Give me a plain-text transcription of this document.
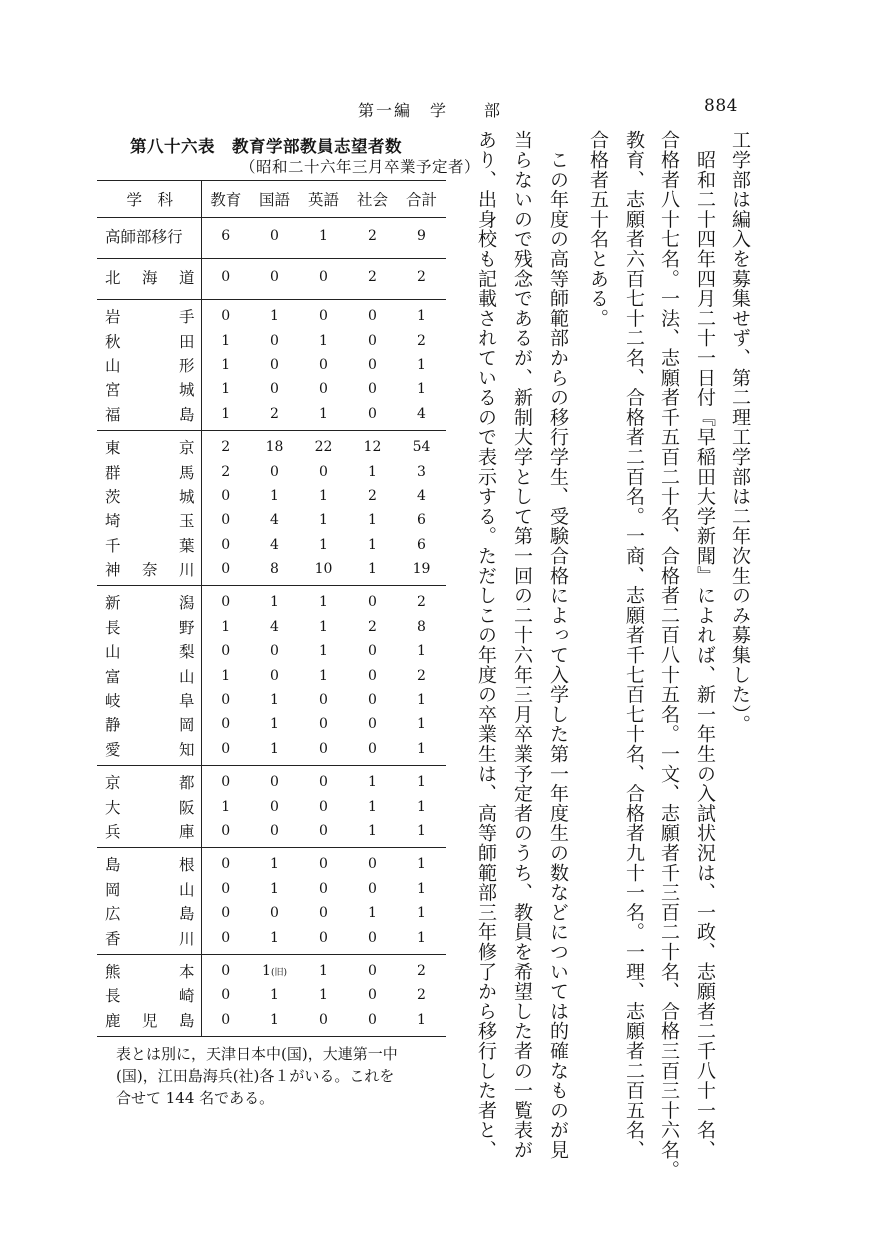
第一編　学　　部	884
第八十六表　教育学部教員志望者数
（昭和二十六年三月卒業予定者）
学　科	教育	国語	英語	社会	合計

高 師 部 移 行	6	0	1	2	9

北 海 道	0	0	0	2	2

岩 手	0	1	0	0	1

秋 田	1	0	1	0	2

山 形	1	0	0	0	1

宮 城	1	0	0	0	1

福 島	1	2	1	0	4

東 京	2	18	22	12	54

群 馬	2	0	0	1	3

茨 城	0	1	1	2	4

埼 玉	0	4	1	1	6

千 葉	0	4	1	1	6

神 奈 川	0	8	10	1	19

新 潟	0	1	1	0	2

長 野	1	4	1	2	8

山 梨	0	0	1	0	1

富 山	1	0	1	0	2

岐 阜	0	1	0	0	1

静 岡	0	1	0	0	1

愛 知	0	1	0	0	1

京 都	0	0	0	1	1

大 阪	1	0	0	1	1

兵 庫	0	0	0	1	1

島 根	0	1	0	0	1

岡 山	0	1	0	0	1

広 島	0	0	0	1	1

香 川	0	1	0	0	1

熊 本	0	1(旧)	1	0	2

長 崎	0	1	1	0	2

鹿 児 島	0	1	0	0	1

表とは別に，天津日本中(国)，大連第一中

(国)，江田島海兵(社)各１がいる。これを

合せて 144 名である。

工学部は編入を募集せず、第二理工学部は二年次生のみ募集した）。
　昭和二十四年四月二十一日付『早稲田大学新聞』によれば、新一年生の入試状況は、一政、志願者二千八十一名、
合格者八十七名。一法、志願者千五百二十名、合格者二百八十五名。一文、志願者千三百二十名、合格三百三十六名。
教育、志願者六百七十二名、合格者二百名。一商、志願者千七百七十名、合格者九十一名。一理、志願者二百五名、
合格者五十名とある。
　この年度の高等師範部からの移行学生、受験合格によって入学した第一年度生の数などについては的確なものが見
当らないので残念であるが、新制大学として第一回の二十六年三月卒業予定者のうち、教員を希望した者の一覧表が
あり、出身校も記載されているので表示する。ただしこの年度の卒業生は、高等師範部三年修了から移行した者と、
